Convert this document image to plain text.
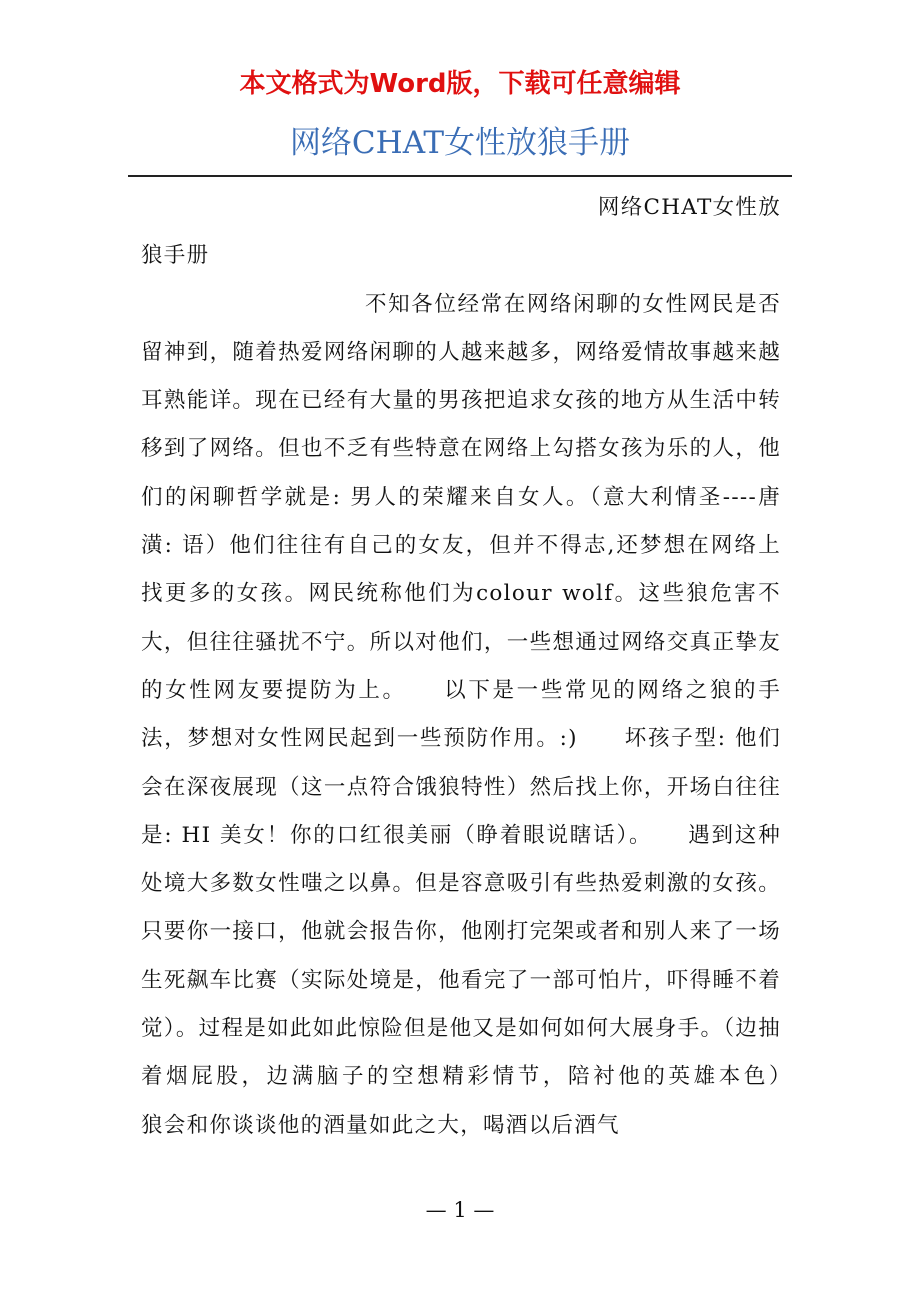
本文格式为Word版，下载可任意编辑
网络CHAT女性放狼手册

网络CHAT女性放
狼手册
不知各位经常在网络闲聊的女性网民是否留神到，随着热爱网络闲聊的人越来越多，网络爱情故事越来越耳熟能详。现在已经有大量的男孩把追求女孩的地方从生活中转移到了网络。但也不乏有些特意在网络上勾搭女孩为乐的人，他们的闲聊哲学就是: 男人的荣耀来自女人。（意大利情圣----唐潢: 语）他们往往有自己的女友，但并不得志,还梦想在网络上找更多的女孩。网民统称他们为colour wolf。这些狼危害不大，但往往骚扰不宁。所以对他们，一些想通过网络交真正挚友的女性网友要提防为上。　　以下是一些常见的网络之狼的手法，梦想对女性网民起到一些预防作用。:)　　坏孩子型: 他们会在深夜展现（这一点符合饿狼特性）然后找上你，开场白往往是: HI 美女！你的口红很美丽（睁着眼说瞎话）。　　遇到这种处境大多数女性嗤之以鼻。但是容意吸引有些热爱刺激的女孩。只要你一接口，他就会报告你，他刚打完架或者和别人来了一场生死飙车比赛（实际处境是，他看完了一部可怕片，吓得睡不着觉）。过程是如此如此惊险但是他又是如何如何大展身手。（边抽着烟屁股，边满脑子的空想精彩情节，陪衬他的英雄本色）　　狼会和你谈谈他的酒量如此之大，喝酒以后酒气

— 1 —
